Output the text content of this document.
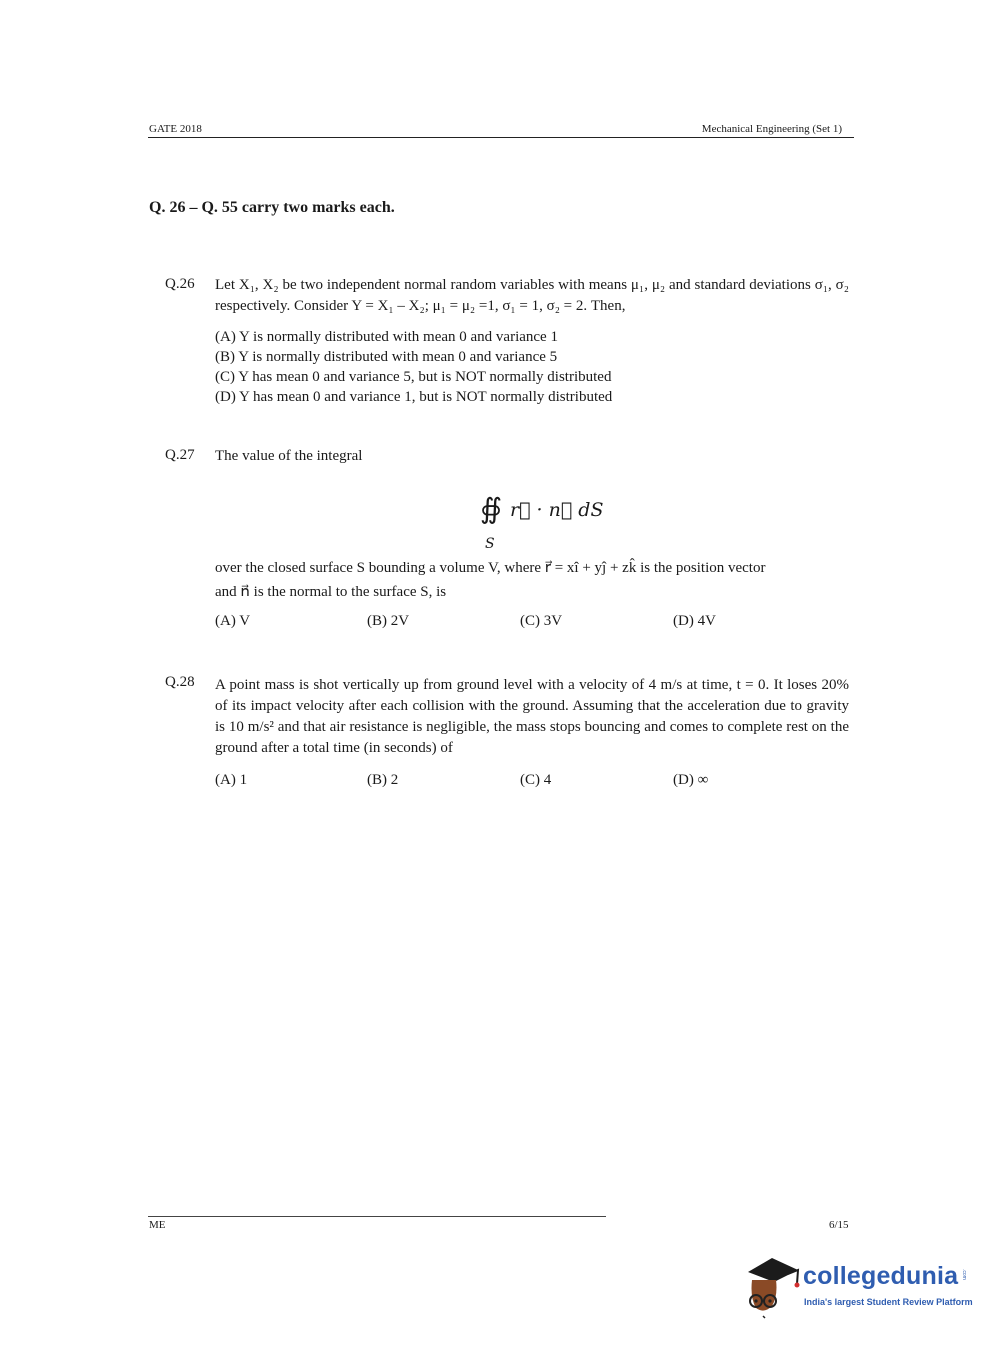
GATE 2018	Mechanical Engineering (Set 1)
Q. 26 – Q. 55 carry two marks each.
Q.26 Let X₁, X₂ be two independent normal random variables with means μ₁, μ₂ and standard deviations σ₁, σ₂ respectively. Consider Y = X₁ – X₂; μ₁ = μ₂ =1, σ₁ = 1, σ₂ = 2. Then,
(A) Y is normally distributed with mean 0 and variance 1
(B) Y is normally distributed with mean 0 and variance 5
(C) Y has mean 0 and variance 5, but is NOT normally distributed
(D) Y has mean 0 and variance 1, but is NOT normally distributed
Q.27 The value of the integral
∯ r⃗ · n⃗ dS
S
over the closed surface S bounding a volume V, where r⃗ = xî + yĵ + zk̂ is the position vector
and n⃗ is the normal to the surface S, is
(A) V	(B) 2V	(C) 3V	(D) 4V
Q.28 A point mass is shot vertically up from ground level with a velocity of 4 m/s at time, t = 0. It loses 20% of its impact velocity after each collision with the ground. Assuming that the acceleration due to gravity is 10 m/s² and that air resistance is negligible, the mass stops bouncing and comes to complete rest on the ground after a total time (in seconds) of
(A) 1	(B) 2	(C) 4	(D) ∞
ME	6/15
collegedunia .com
India's largest Student Review Platform
